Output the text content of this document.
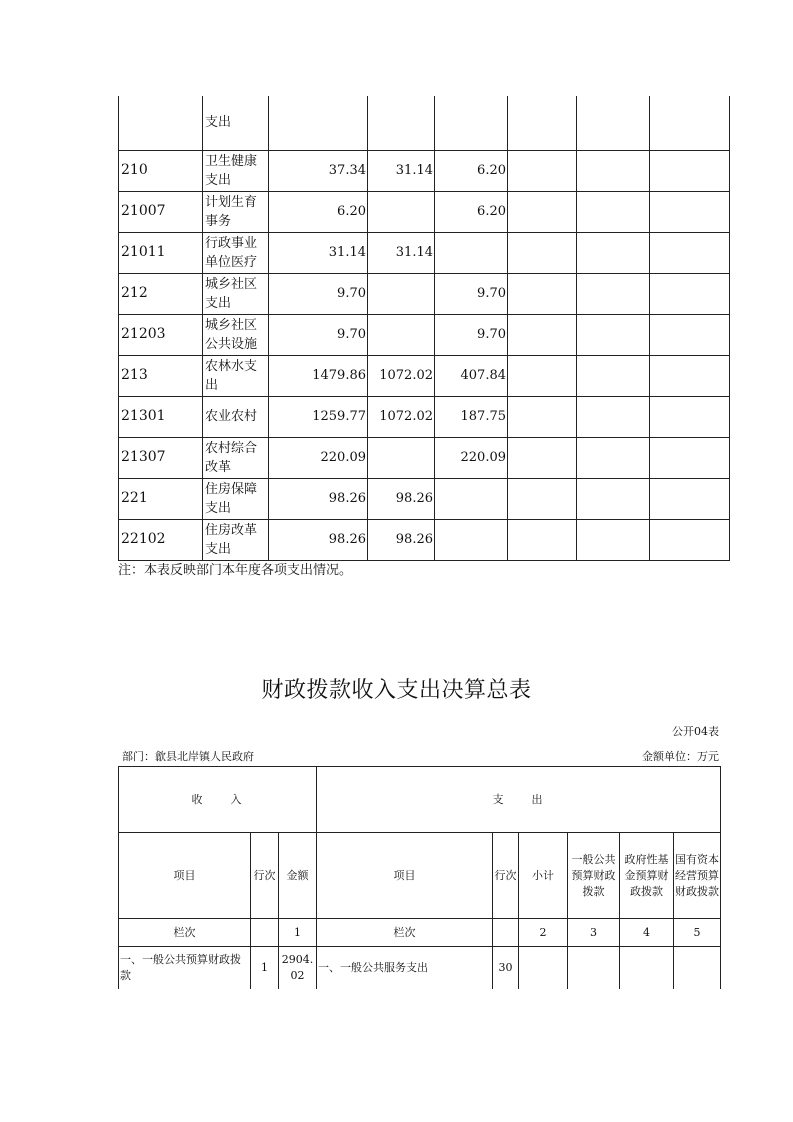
	支出						
210	卫生健康支出	37.34	31.14	6.20			
21007	计划生育事务	6.20		6.20			
21011	行政事业单位医疗	31.14	31.14				
212	城乡社区支出	9.70		9.70			
21203	城乡社区公共设施	9.70		9.70			
213	农林水支出	1479.86	1072.02	407.84			
21301	农业农村	1259.77	1072.02	187.75			
21307	农村综合改革	220.09		220.09			
221	住房保障支出	98.26	98.26				
22102	住房改革支出	98.26	98.26				
注：本表反映部门本年度各项支出情况。
财政拨款收入支出决算总表
公开04表
部门：歙县北岸镇人民政府	金额单位：万元
收　　入			支　　出					
项目	行次	金额	项目	行次	小计	一般公共预算财政拨款	政府性基金预算财政拨款	国有资本经营预算财政拨款
栏次		1	栏次		2	3	4	5
一、一般公共预算财政拨款	1	2904.02	一、一般公共服务支出	30				
